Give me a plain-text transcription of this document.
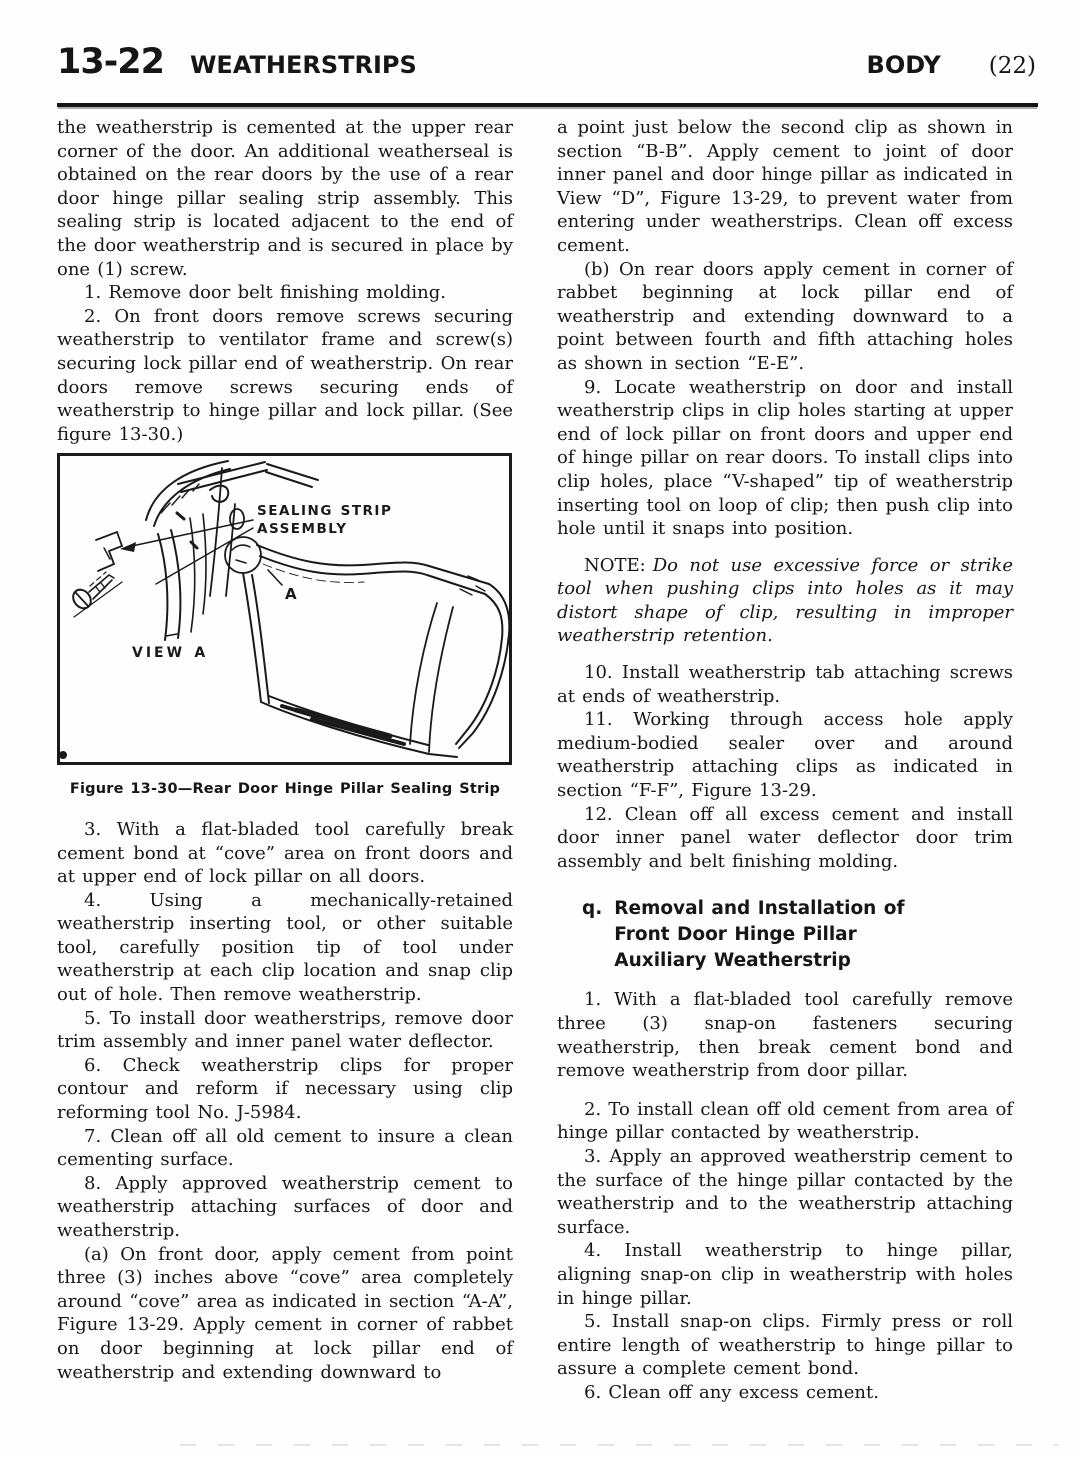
13-22 WEATHERSTRIPS	BODY (22)

the weatherstrip is cemented at the upper rear corner of the door. An additional weatherseal is obtained on the rear doors by the use of a rear door hinge pillar sealing strip assembly. This sealing strip is located adjacent to the end of the door weatherstrip and is secured in place by one (1) screw.

1. Remove door belt finishing molding.

2. On front doors remove screws securing weatherstrip to ventilator frame and screw(s) securing lock pillar end of weatherstrip. On rear doors remove screws securing ends of weatherstrip to hinge pillar and lock pillar. (See figure 13-30.)

SEALING STRIP
ASSEMBLY
A
VIEW A

Figure 13-30—Rear Door Hinge Pillar Sealing Strip

3. With a flat-bladed tool carefully break cement bond at “cove” area on front doors and at upper end of lock pillar on all doors.

4. Using a mechanically-retained weatherstrip inserting tool, or other suitable tool, carefully position tip of tool under weatherstrip at each clip location and snap clip out of hole. Then remove weatherstrip.

5. To install door weatherstrips, remove door trim assembly and inner panel water deflector.

6. Check weatherstrip clips for proper contour and reform if necessary using clip reforming tool No. J-5984.

7. Clean off all old cement to insure a clean cementing surface.

8. Apply approved weatherstrip cement to weatherstrip attaching surfaces of door and weatherstrip.

(a) On front door, apply cement from point three (3) inches above “cove” area completely around “cove” area as indicated in section “A-A”, Figure 13-29. Apply cement in corner of rabbet on door beginning at lock pillar end of weatherstrip and extending downward to

a point just below the second clip as shown in section “B-B”. Apply cement to joint of door inner panel and door hinge pillar as indicated in View “D”, Figure 13-29, to prevent water from entering under weatherstrips. Clean off excess cement.

(b) On rear doors apply cement in corner of rabbet beginning at lock pillar end of weatherstrip and extending downward to a point between fourth and fifth attaching holes as shown in section “E-E”.

9. Locate weatherstrip on door and install weatherstrip clips in clip holes starting at upper end of lock pillar on front doors and upper end of hinge pillar on rear doors. To install clips into clip holes, place “V-shaped” tip of weatherstrip inserting tool on loop of clip; then push clip into hole until it snaps into position.

NOTE: Do not use excessive force or strike tool when pushing clips into holes as it may distort shape of clip, resulting in improper weatherstrip retention.

10. Install weatherstrip tab attaching screws at ends of weatherstrip.

11. Working through access hole apply medium-bodied sealer over and around weatherstrip attaching clips as indicated in section “F-F”, Figure 13-29.

12. Clean off all excess cement and install door inner panel water deflector door trim assembly and belt finishing molding.

q. Removal and Installation of
Front Door Hinge Pillar
Auxiliary Weatherstrip

1. With a flat-bladed tool carefully remove three (3) snap-on fasteners securing weatherstrip, then break cement bond and remove weatherstrip from door pillar.

2. To install clean off old cement from area of hinge pillar contacted by weatherstrip.

3. Apply an approved weatherstrip cement to the surface of the hinge pillar contacted by the weatherstrip and to the weatherstrip attaching surface.

4. Install weatherstrip to hinge pillar, aligning snap-on clip in weatherstrip with holes in hinge pillar.

5. Install snap-on clips. Firmly press or roll entire length of weatherstrip to hinge pillar to assure a complete cement bond.

6. Clean off any excess cement.
